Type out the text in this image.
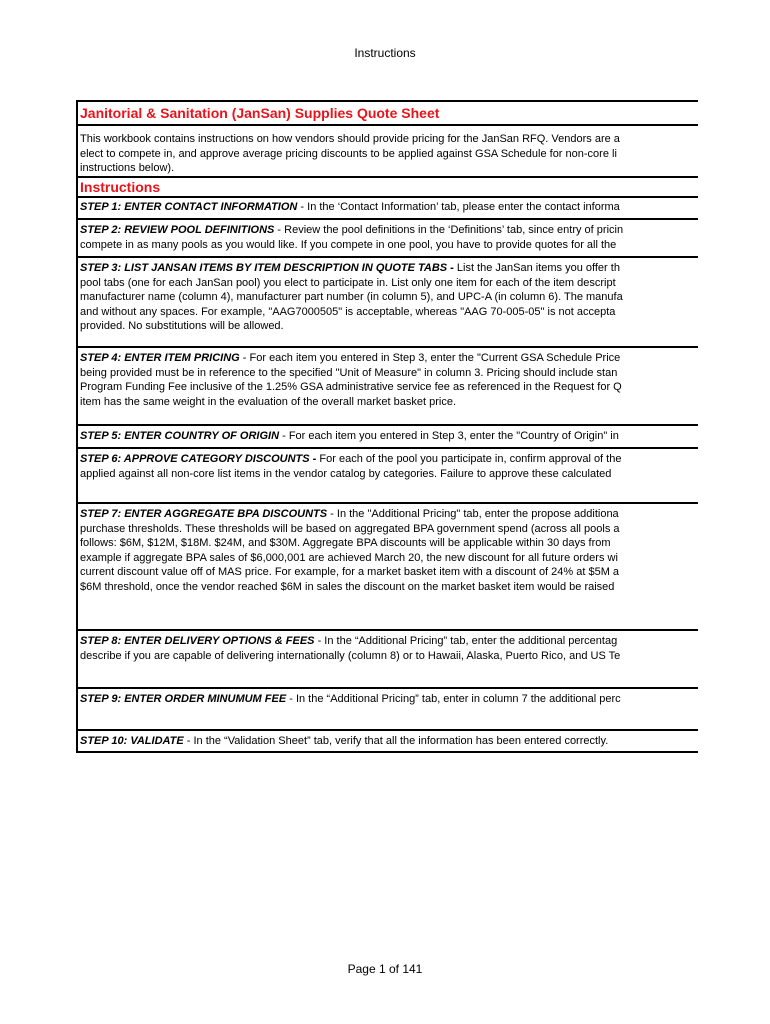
Instructions
Janitorial & Sanitation (JanSan) Supplies Quote Sheet
This workbook contains instructions on how vendors should provide pricing for the JanSan RFQ. Vendors are a
elect to compete in, and approve average pricing discounts to be applied against GSA Schedule for non-core li
instructions below).
Instructions
STEP 1: ENTER CONTACT INFORMATION - In the ‘Contact Information’ tab, please enter the contact informa
STEP 2: REVIEW POOL DEFINITIONS - Review the pool definitions in the ‘Definitions’ tab, since entry of pricin
compete in as many pools as you would like. If you compete in one pool, you have to provide quotes for all the
STEP 3: LIST JANSAN ITEMS BY ITEM DESCRIPTION IN QUOTE TABS - List the JanSan items you offer th
pool tabs (one for each JanSan pool) you elect to participate in. List only one item for each of the item descript
manufacturer name (column 4), manufacturer part number (in column 5), and UPC-A (in column 6). The manufa
and without any spaces. For example, "AAG7000505" is acceptable, whereas "AAG 70-005-05" is not accepta
provided. No substitutions will be allowed.
STEP 4: ENTER ITEM PRICING - For each item you entered in Step 3, enter the "Current GSA Schedule Price
being provided must be in reference to the specified "Unit of Measure" in column 3. Pricing should include stan
Program Funding Fee inclusive of the 1.25% GSA administrative service fee as referenced in the Request for Q
item has the same weight in the evaluation of the overall market basket price.
STEP 5: ENTER COUNTRY OF ORIGIN - For each item you entered in Step 3, enter the "Country of Origin" in
STEP 6: APPROVE CATEGORY DISCOUNTS - For each of the pool you participate in, confirm approval of the
applied against all non-core list items in the vendor catalog by categories. Failure to approve these calculated
STEP 7: ENTER AGGREGATE BPA DISCOUNTS - In the "Additional Pricing" tab, enter the propose additiona
purchase thresholds. These thresholds will be based on aggregated BPA government spend (across all pools a
follows: $6M, $12M, $18M. $24M, and $30M. Aggregate BPA discounts will be applicable within 30 days from
example if aggregate BPA sales of $6,000,001 are achieved March 20, the new discount for all future orders wi
current discount value off of MAS price. For example, for a market basket item with a discount of 24% at $5M a
$6M threshold, once the vendor reached $6M in sales the discount on the market basket item would be raised
STEP 8: ENTER DELIVERY OPTIONS & FEES - In the “Additional Pricing” tab, enter the additional percentag
describe if you are capable of delivering internationally (column 8) or to Hawaii, Alaska, Puerto Rico, and US Te
STEP 9: ENTER ORDER MINUMUM FEE - In the “Additional Pricing” tab, enter in column 7 the additional perc
STEP 10: VALIDATE - In the “Validation Sheet” tab, verify that all the information has been entered correctly.
Page 1 of 141
